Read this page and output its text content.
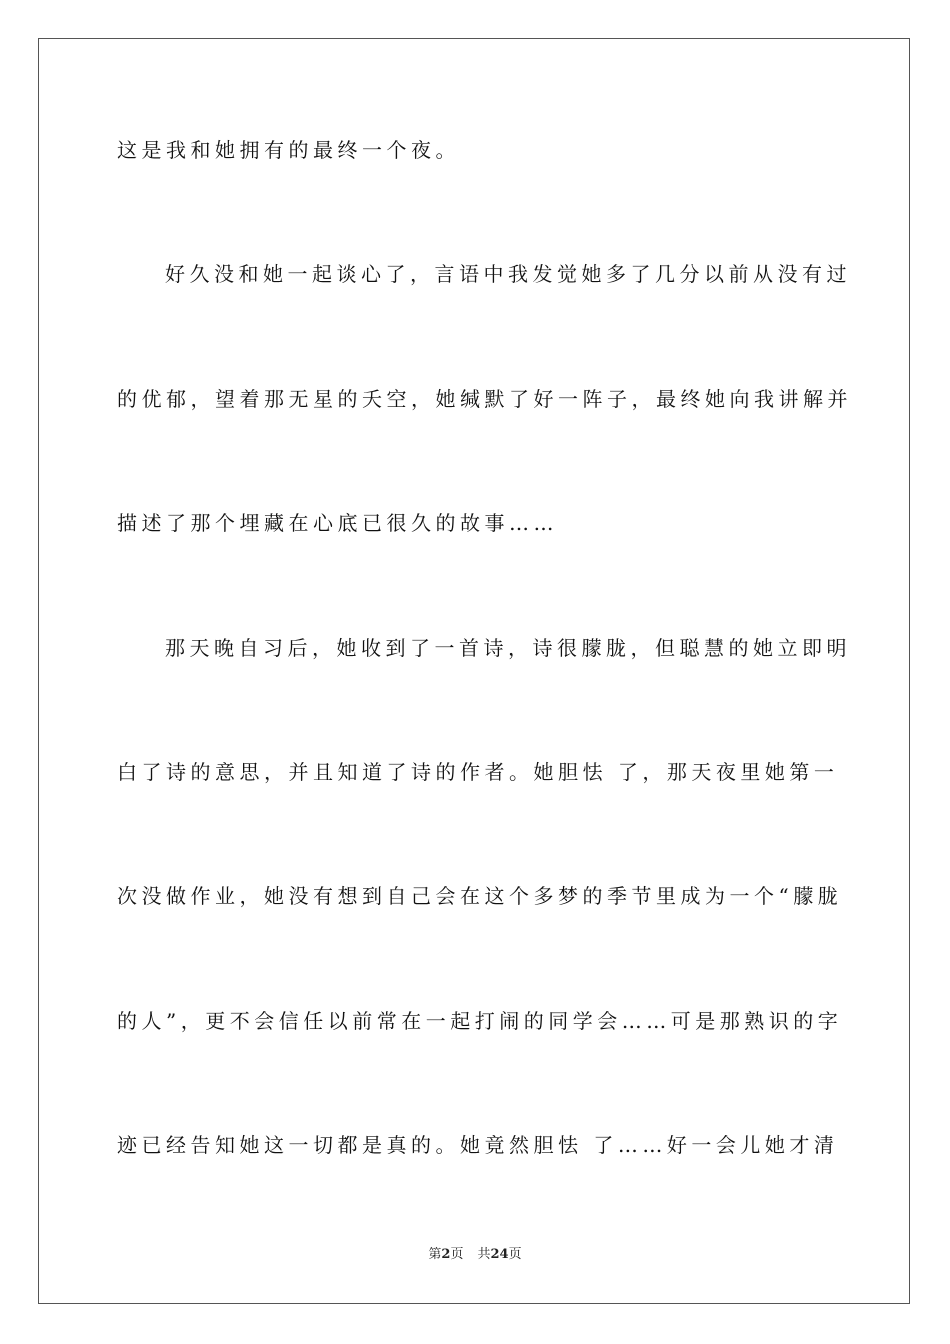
这是我和她拥有的最终一个夜。

好久没和她一起谈心了，言语中我发觉她多了几分以前从没有过

的优郁，望着那无星的夭空，她缄默了好一阵子，最终她向我讲解并

描述了那个埋藏在心底已很久的故事……

那天晚自习后，她收到了一首诗，诗很朦胧，但聪慧的她立即明

白了诗的意思，并且知道了诗的作者。她胆怯 了，那天夜里她第一

次没做作业，她没有想到自己会在这个多梦的季节里成为一个“朦胧

的人”，更不会信任以前常在一起打闹的同学会……可是那熟识的字

迹已经告知她这一切都是真的。她竟然胆怯 了……好一会儿她才清

第2页 共24页
